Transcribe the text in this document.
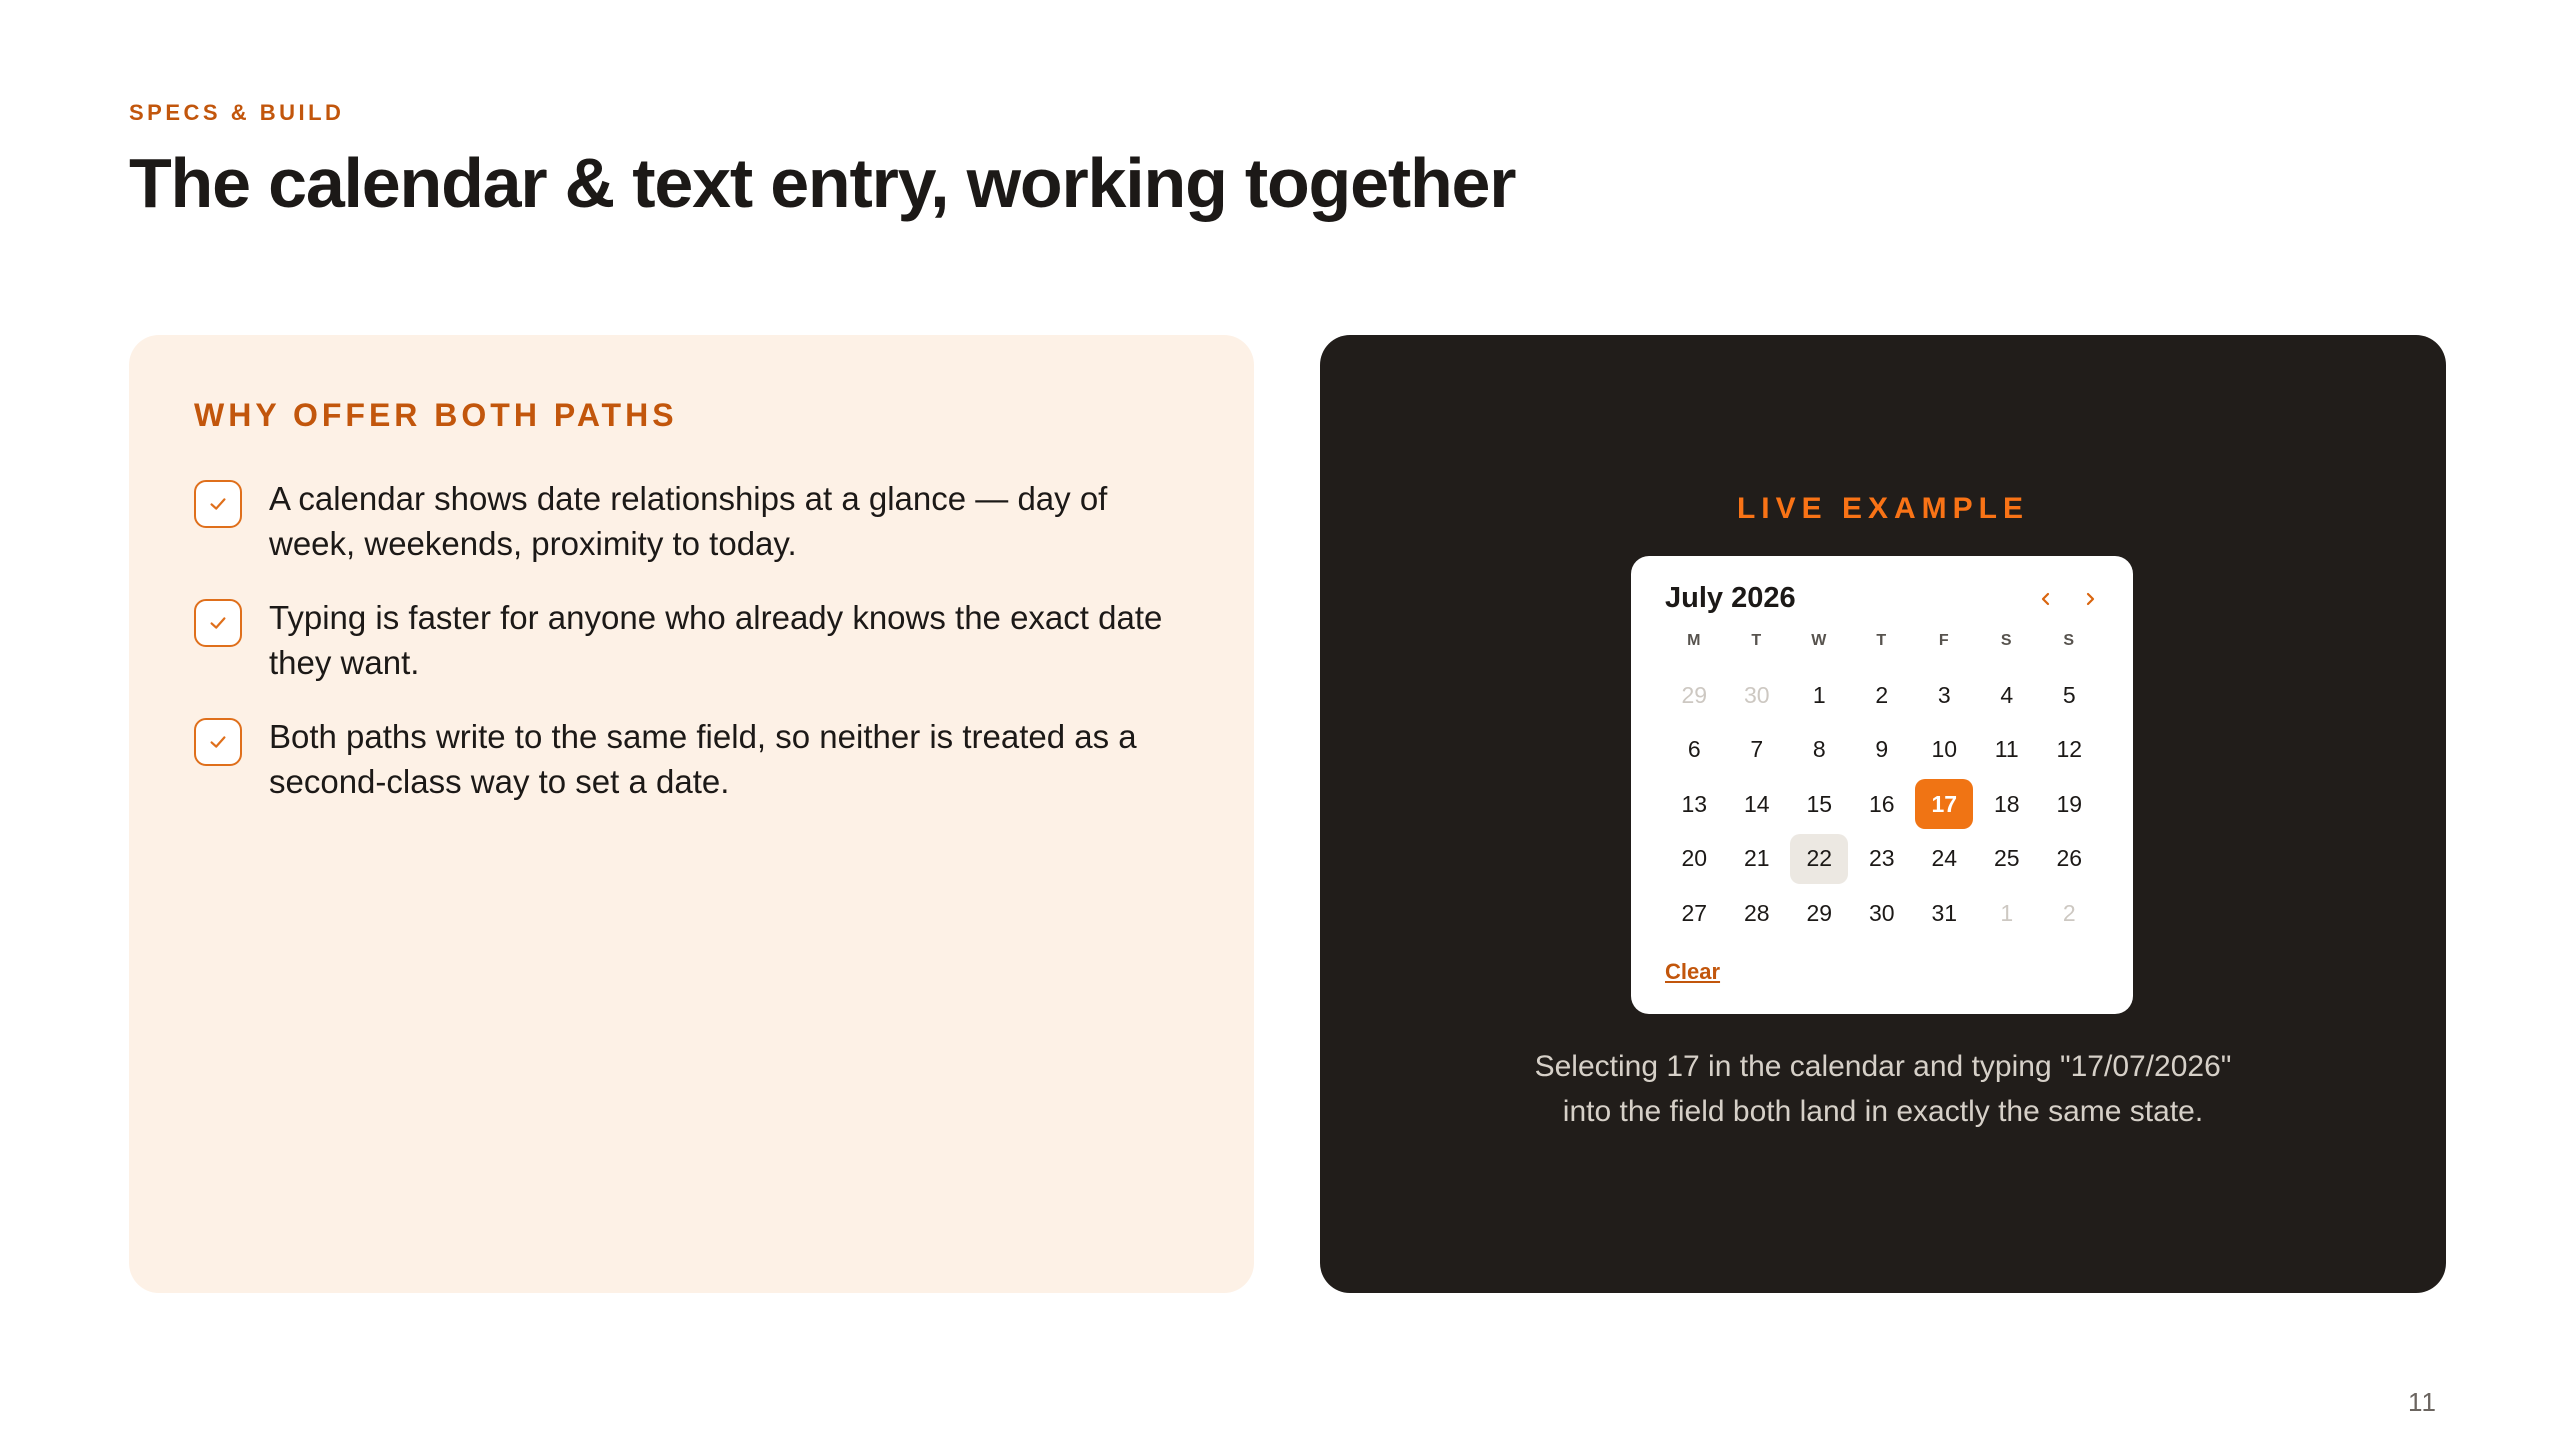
SPECS & BUILD
The calendar & text entry, working together
WHY OFFER BOTH PATHS
A calendar shows date relationships at a glance — day of week, weekends, proximity to today.
Typing is faster for anyone who already knows the exact date they want.
Both paths write to the same field, so neither is treated as a second-class way to set a date.
LIVE EXAMPLE
July 2026
M	T	W	T	F	S	S
29	30	1	2	3	4	5
6	7	8	9	10	11	12
13	14	15	16	17	18	19
20	21	22	23	24	25	26
27	28	29	30	31	1	2
Clear
Selecting 17 in the calendar and typing "17/07/2026"
into the field both land in exactly the same state.
11
